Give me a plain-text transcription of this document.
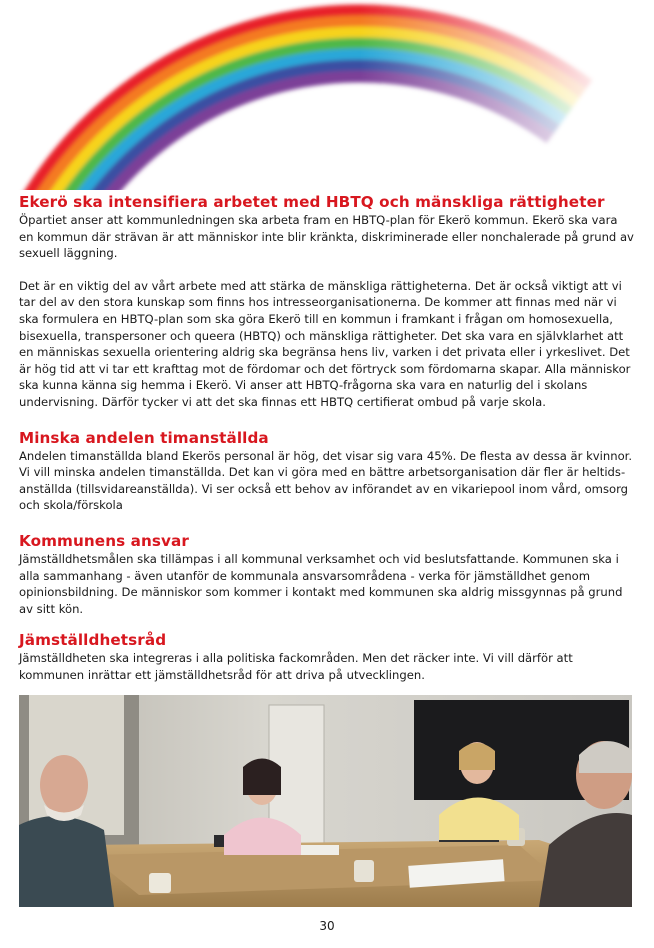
Ekerö ska intensifiera arbetet med HBTQ och mänskliga rättigheter

Öpartiet anser att kommunledningen ska arbeta fram en HBTQ-plan för Ekerö kommun. Ekerö ska vara en kommun där strävan är att människor inte blir kränkta, diskriminerade eller nonchalerade på grund av sexuell läggning.

Det är en viktig del av vårt arbete med att stärka de mänskliga rättigheterna. Det är också viktigt att vi tar del av den stora kunskap som finns hos intresseorganisationerna. De kommer att finnas med när vi ska formulera en HBTQ-plan som ska göra Ekerö till en kommun i framkant i frågan om homosexuella, bisexuella, transpersoner och queera (HBTQ) och mänskliga rättigheter. Det ska vara en självklarhet att en människas sexuella orientering aldrig ska begränsa hens liv, varken i det privata eller i yrkeslivet. Det är hög tid att vi tar ett krafttag mot de fördomar och det förtryck som fördomarna skapar. Alla människor ska kunna känna sig hemma i Ekerö. Vi anser att HBTQ-frågorna ska vara en naturlig del i skolans undervisning. Därför tycker vi att det ska finnas ett HBTQ certifierat ombud på varje skola.

Minska andelen timanställda

Andelen timanställda bland Ekerös personal är hög, det visar sig vara 45%. De flesta av dessa är kvinnor. Vi vill minska andelen timanställda. Det kan vi göra med en bättre arbetsorganisation där fler är heltids-anställda (tillsvidareanställda). Vi ser också ett behov av införandet av en vikariepool inom vård, omsorg och skola/förskola

Kommunens ansvar

Jämställdhetsmålen ska tillämpas i all kommunal verksamhet och vid beslutsfattande. Kommunen ska i alla sammanhang - även utanför de kommunala ansvarsområdena - verka för jämställdhet genom opinionsbildning. De människor som kommer i kontakt med kommunen ska aldrig missgynnas på grund av sitt kön.

Jämställdhetsråd

Jämställdheten ska integreras i alla politiska fackområden. Men det räcker inte. Vi vill därför att kommunen inrättar ett jämställdhetsråd för att driva på utvecklingen.

30
